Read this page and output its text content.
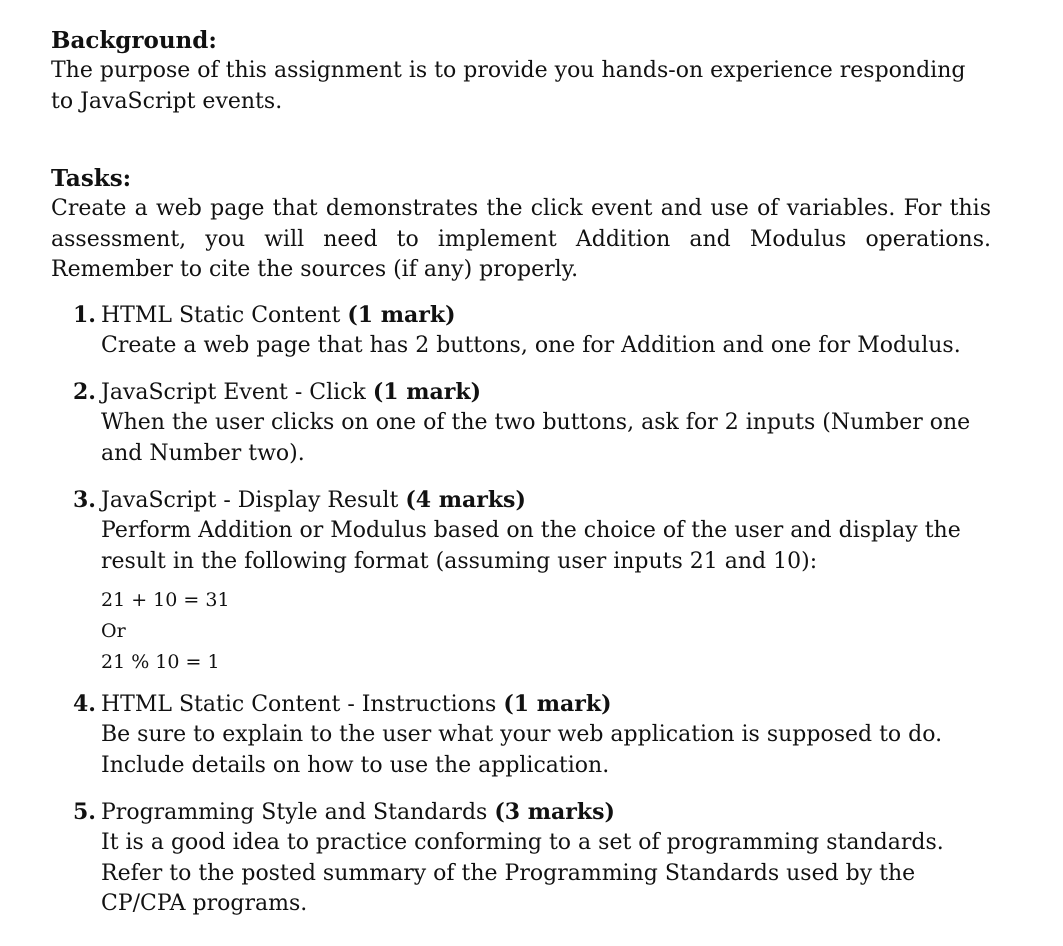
Background:

The purpose of this assignment is to provide you hands-on experience responding to JavaScript events.

Tasks:

Create a web page that demonstrates the click event and use of variables. For this assessment, you will need to implement Addition and Modulus operations. Remember to cite the sources (if any) properly.

1. HTML Static Content (1 mark)

Create a web page that has 2 buttons, one for Addition and one for Modulus.

2. JavaScript Event - Click (1 mark)

When the user clicks on one of the two buttons, ask for 2 inputs (Number one and Number two).

3. JavaScript - Display Result (4 marks)

Perform Addition or Modulus based on the choice of the user and display the result in the following format (assuming user inputs 21 and 10):

21 + 10 = 31

Or

21 % 10 = 1

4. HTML Static Content - Instructions (1 mark)

Be sure to explain to the user what your web application is supposed to do. Include details on how to use the application.

5. Programming Style and Standards (3 marks)

It is a good idea to practice conforming to a set of programming standards. Refer to the posted summary of the Programming Standards used by the CP/CPA programs.
